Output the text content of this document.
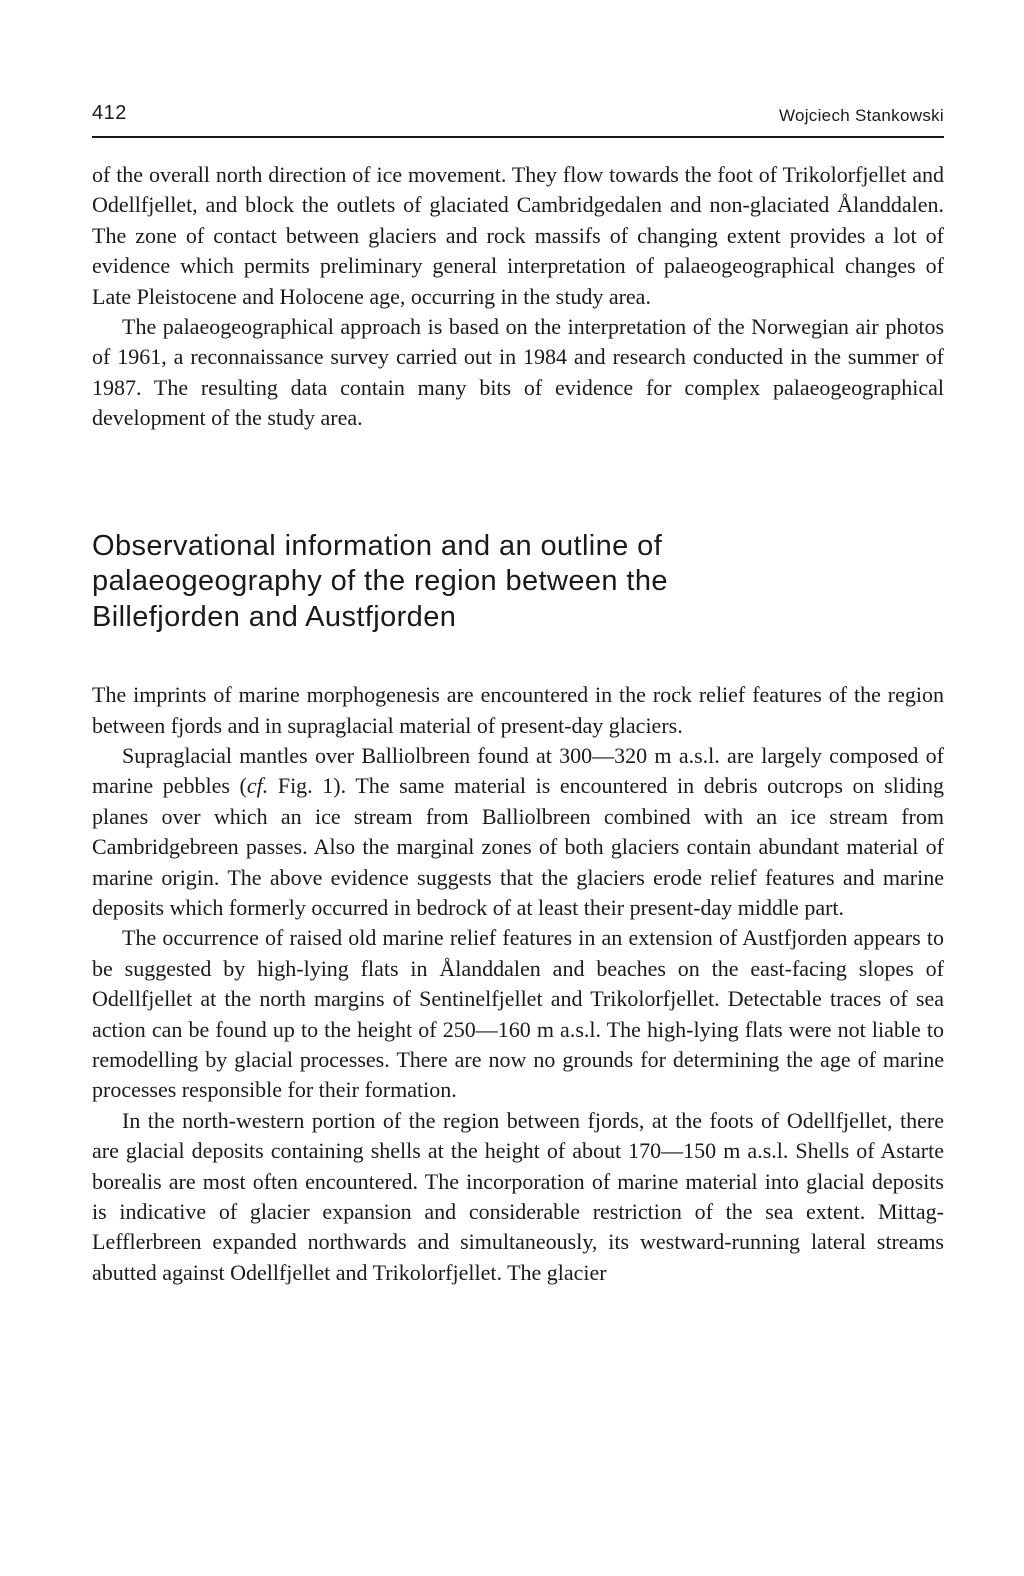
412	Wojciech Stankowski

of the overall north direction of ice movement. They flow towards the foot of Trikolorfjellet and Odellfjellet, and block the outlets of glaciated Cambridgedalen and non-glaciated Ålanddalen. The zone of contact between glaciers and rock massifs of changing extent provides a lot of evidence which permits preliminary general interpretation of palaeogeographical changes of Late Pleistocene and Holocene age, occurring in the study area.

The palaeogeographical approach is based on the interpretation of the Norwegian air photos of 1961, a reconnaissance survey carried out in 1984 and research conducted in the summer of 1987. The resulting data contain many bits of evidence for complex palaeogeographical development of the study area.

Observational information and an outline of palaeogeography of the region between the Billefjorden and Austfjorden

The imprints of marine morphogenesis are encountered in the rock relief features of the region between fjords and in supraglacial material of present-day glaciers.

Supraglacial mantles over Balliolbreen found at 300—320 m a.s.l. are largely composed of marine pebbles (cf. Fig. 1). The same material is encountered in debris outcrops on sliding planes over which an ice stream from Balliolbreen combined with an ice stream from Cambridgebreen passes. Also the marginal zones of both glaciers contain abundant material of marine origin. The above evidence suggests that the glaciers erode relief features and marine deposits which formerly occurred in bedrock of at least their present-day middle part.

The occurrence of raised old marine relief features in an extension of Austfjorden appears to be suggested by high-lying flats in Ålanddalen and beaches on the east-facing slopes of Odellfjellet at the north margins of Sentinelfjellet and Trikolorfjellet. Detectable traces of sea action can be found up to the height of 250—160 m a.s.l. The high-lying flats were not liable to remodelling by glacial processes. There are now no grounds for determining the age of marine processes responsible for their formation.

In the north-western portion of the region between fjords, at the foots of Odellfjellet, there are glacial deposits containing shells at the height of about 170—150 m a.s.l. Shells of Astarte borealis are most often encountered. The incorporation of marine material into glacial deposits is indicative of glacier expansion and considerable restriction of the sea extent. Mittag-Lefflerbreen expanded northwards and simultaneously, its westward-running lateral streams abutted against Odellfjellet and Trikolorfjellet. The glacier
